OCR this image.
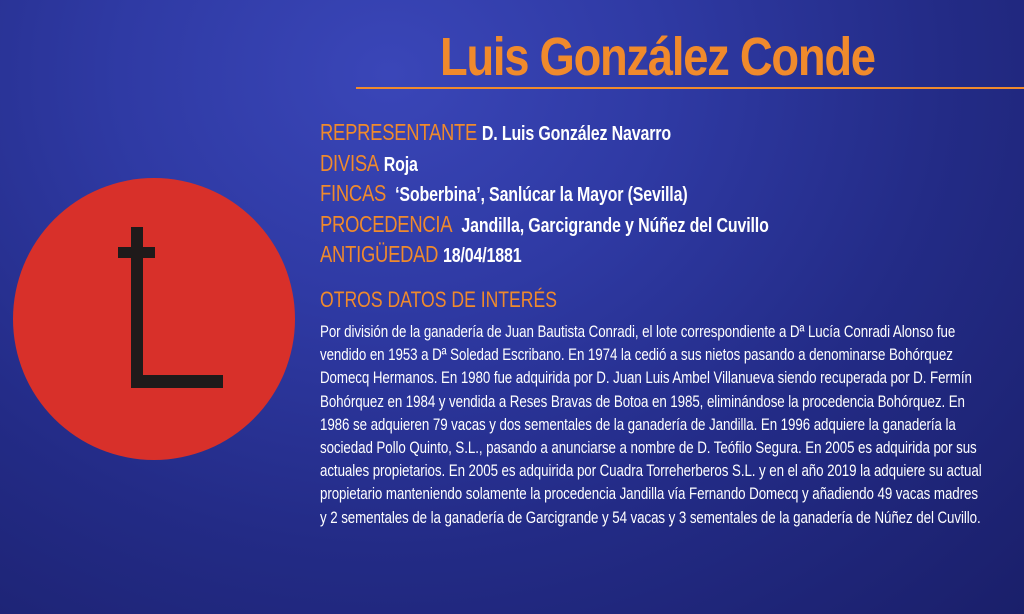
Luis González Conde
REPRESENTANTE D. Luis González Navarro
DIVISA Roja
FINCAS ‘Soberbina’, Sanlúcar la Mayor (Sevilla)
PROCEDENCIA Jandilla, Garcigrande y Núñez del Cuvillo
ANTIGÜEDAD 18/04/1881
OTROS DATOS DE INTERÉS
Por división de la ganadería de Juan Bautista Conradi, el lote correspondiente a Dª Lucía Conradi Alonso fue vendido en 1953 a Dª Soledad Escribano. En 1974 la cedió a sus nietos pasando a denominarse Bohórquez Domecq Hermanos. En 1980 fue adquirida por D. Juan Luis Ambel Villanueva siendo recuperada por D. Fermín Bohórquez en 1984 y vendida a Reses Bravas de Botoa en 1985, eliminándose la procedencia Bohórquez. En 1986 se adquieren 79 vacas y dos sementales de la ganadería de Jandilla. En 1996 adquiere la ganadería la sociedad Pollo Quinto, S.L., pasando a anunciarse a nombre de D. Teófilo Segura. En 2005 es adquirida por sus actuales propietarios. En 2005 es adquirida por Cuadra Torreherberos S.L. y en el año 2019 la adquiere su actual propietario manteniendo solamente la procedencia Jandilla vía Fernando Domecq y añadiendo 49 vacas madres y 2 sementales de la ganadería de Garcigrande y 54 vacas y 3 sementales de la ganadería de Núñez del Cuvillo.
